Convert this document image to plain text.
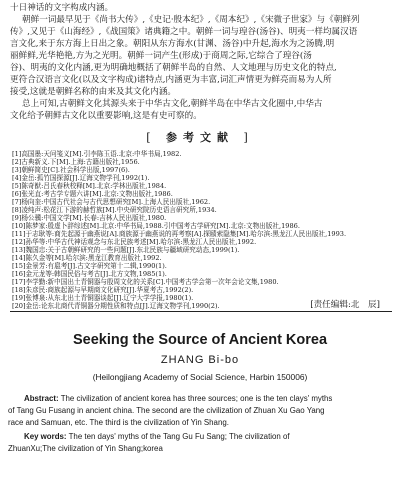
十日神话的文字构成内涵。
朝鲜一词最早见于《尚书大传》,《史记·殷本纪》,《周本纪》,《宋微子世家》与《朝鲜列
传》,又见于《山海经》,《战国策》诸典籍之中。朝鲜一词与瑝谷(汤谷)、明夷一样均属汉语
言文化,来于东方海上日出之象。朝阳从东方海水(甘渊、汤谷)中升起,海水为之汤腾,明
丽鲜鲜,光华艳艳,方为之光明。朝鲜一词产生(形成)于商周之际,它综合了瑝谷(汤
谷)、明夷的文化内涵,更为明确地概括了朝鲜半岛的自然、人文地理与历史文化的特点,
更符合汉语言文化(以及文字构成)诸特点,内涵更为丰富,词汇声情更为鲜亮而易为人所
接受,这就是朝鲜名称的由来及其文化内涵。
总上可知,古朝鲜文化其源头来于中华古文化,朝鲜半岛在中华古文化圈中,中华古
文化给予朝鲜古文化以重要影响,这是有史可察的。
[ 参考文献 ]
[1]高国墨:天问笺义[M].引李陈玉语.北京:中华书局,1982.
[2]古典新义.下[M].上海:古籍出版社,1956.
[3]朝鲜简史[C].社会科学出版,1997(6).
[4]金岳:孤竹国探源[J].辽海文物学刊,1992(1).
[5]陈奇猷:吕氏春秋校释[M].北京:学林出版社,1984.
[6]张光直:考古学专题六讲[M].北京:文物出版社,1986.
[7]杨向奎:中国古代社会与古代思想研究[M].上海人民出版社,1962.
[8]凌纯声:松花江下游的赫哲族[M].中央研究院历史语言研究所,1934.
[9]杨公骥:中国文学[M].长春:吉林人民出版社,1980.
[10]陈梦家:殷虚卜辞综述[M].北京:中华书局,1988.引中国考古学研究[M].北京:文物出版社,1986.
[11]于志耿等:商先起源于幽燕说[A].商族源于幽燕说的再考察[A].探赜索隐集[M].哈尔滨:黑龙江人民出版社,1993.
[12]孙华等:中华古代神话观念与东北民族考述[M].哈尔滨:黑龙江人民出版社,1992.
[13]魏国忠:关于古朝鲜研究的一些问题[J].东北民族与疆域研究动态,1999(1).
[14]陈久金等[M].哈尔滨:黑龙江教育出版社,1992.
[15]金景芳:有扈考[J].古文字研究第十二辑,1990(1).
[16]金元龙等:韩国民俗与考古[J].北方文物,1985(1).
[17]李学勤:新中国出土青铜器与殷周文化的关系[C].中国考古学会第一次年会论文集,1980.
[18]朱彦民:商族起源与早期商文化研究[J].华夏考古,1992(2).
[19]张博泉:从东北出土青铜器谈起[J].辽宁大学学报,1980(1).
[20]金岳:论东北商代青铜器分期性质和特点[J].辽海文物学刊,1990(2).	[责任编辑:北　辰]
Seeking the Source of Ancient Korea
ZHANG Bi-bo
(Heilongjiang Academy of Social Science, Harbin 150006)
Abstract: The civilization of ancient korea has three sources; one is the ten clays' myths
of Tang Gu Fusang in ancient china. The second are the civilization of Zhuan Xu Gao Yang
race and Samuan, etc. The third is the civilization of Yin Shang.
Key words: The ten days' myths of the Tang Gu Fu Sang; The civilization of
ZhuanXu;The civilization of Yin Shang;korea
